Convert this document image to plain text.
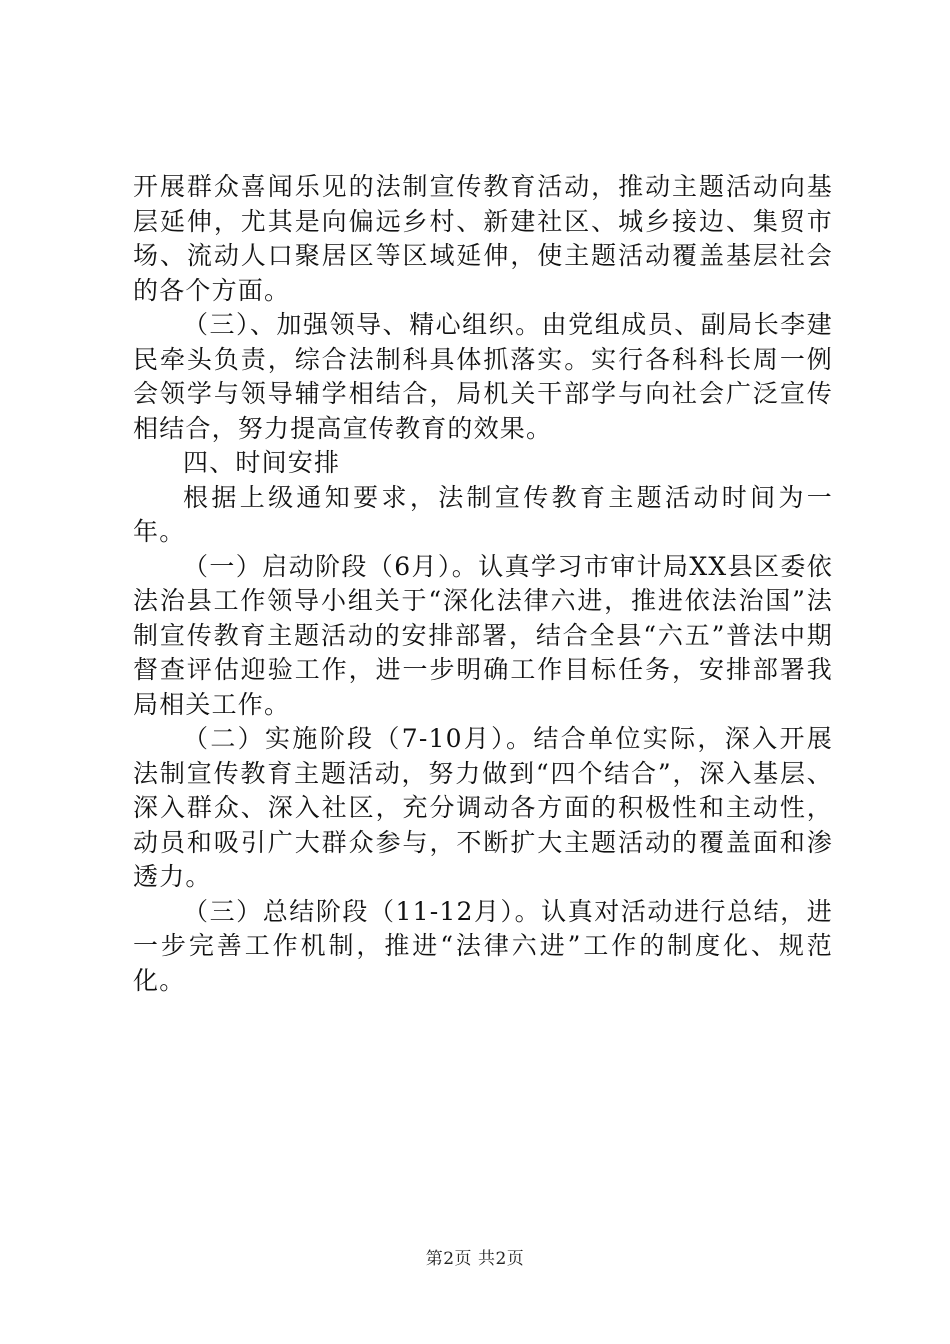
开展群众喜闻乐见的法制宣传教育活动，推动主题活动向基层延伸，尤其是向偏远乡村、新建社区、城乡接边、集贸市场、流动人口聚居区等区域延伸，使主题活动覆盖基层社会的各个方面。

（三）、加强领导、精心组织。由党组成员、副局长李建民牵头负责，综合法制科具体抓落实。实行各科科长周一例会领学与领导辅学相结合，局机关干部学与向社会广泛宣传相结合，努力提高宣传教育的效果。

四、时间安排

根据上级通知要求，法制宣传教育主题活动时间为一年。

（一）启动阶段（6月）。认真学习市审计局XX县区委依法治县工作领导小组关于“深化法律六进，推进依法治国”法制宣传教育主题活动的安排部署，结合全县“六五”普法中期督查评估迎验工作，进一步明确工作目标任务，安排部署我局相关工作。

（二）实施阶段（7-10月）。结合单位实际，深入开展法制宣传教育主题活动，努力做到“四个结合”，深入基层、深入群众、深入社区，充分调动各方面的积极性和主动性，动员和吸引广大群众参与，不断扩大主题活动的覆盖面和渗透力。

（三）总结阶段（11-12月）。认真对活动进行总结，进一步完善工作机制，推进“法律六进”工作的制度化、规范化。

第2页 共2页
